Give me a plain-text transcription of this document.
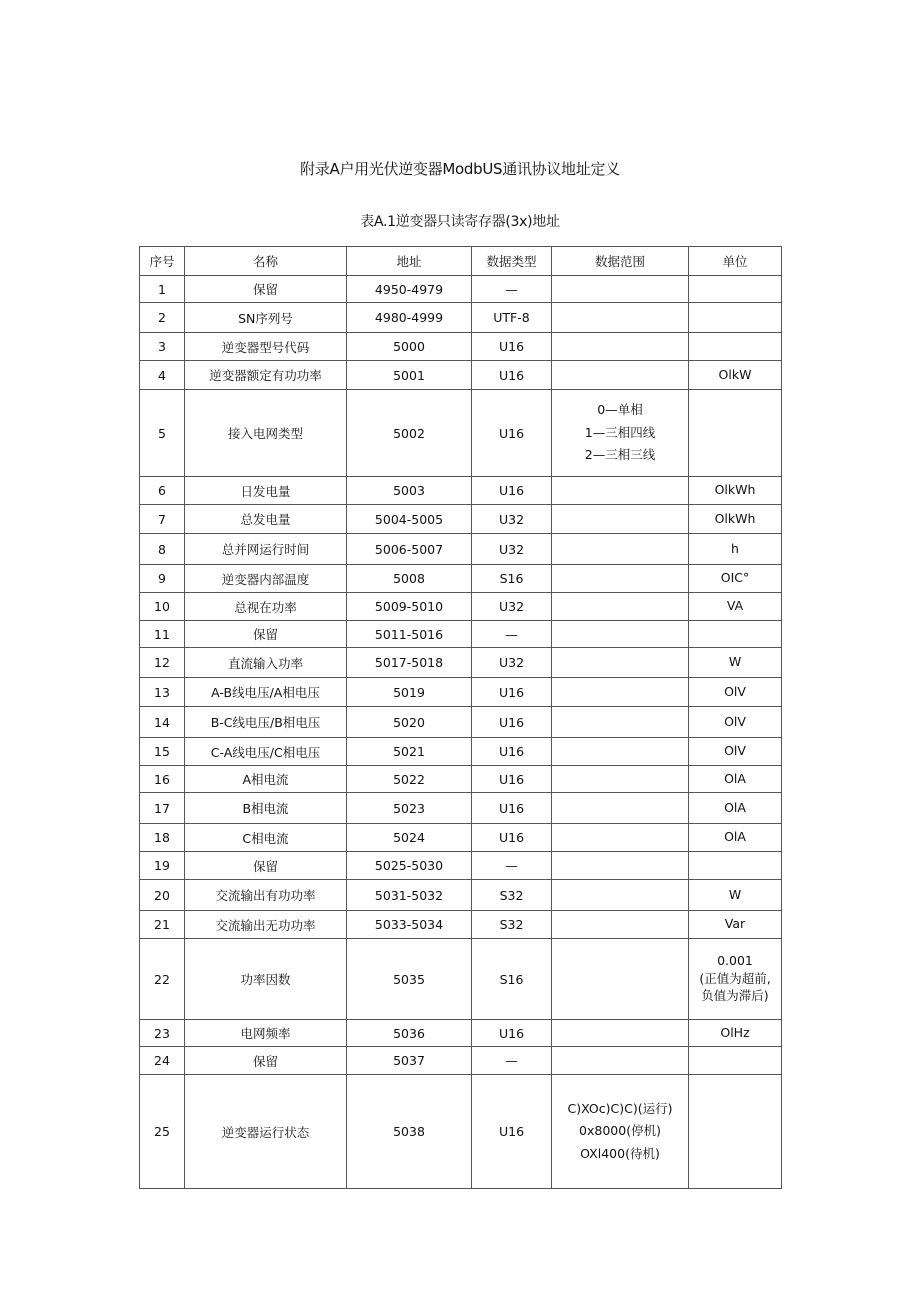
附录A户用光伏逆变器ModbUS通讯协议地址定义
表A.1逆变器只读寄存器(3x)地址
序号	名称	地址	数据类型	数据范围	单位
1	保留	4950-4979	—		
2	SN序列号	4980-4999	UTF-8		
3	逆变器型号代码	5000	U16		
4	逆变器额定有功功率	5001	U16		OlkW

5	接入电网类型	5002	U16	0—单相
1—三相四线
2—三相三线	

6	日发电量	5003	U16		OlkWh

7	总发电量	5004-5005	U32		OlkWh

8	总并网运行时间	5006-5007	U32		h

9	逆变器内部温度	5008	S16		OIC°

10	总视在功率	5009-5010	U32		VA

11	保留	5011-5016	—		
12	直流输入功率	5017-5018	U32		W

13	A-B线电压/A相电压	5019	U16		OlV

14	B-C线电压/B相电压	5020	U16		OlV

15	C-A线电压/C相电压	5021	U16		OlV

16	A相电流	5022	U16		OlA

17	B相电流	5023	U16		OlA

18	C相电流	5024	U16		OlA

19	保留	5025-5030	—		
20	交流输出有功功率	5031-5032	S32		W

21	交流输出无功功率	5033-5034	S32		Var

22	功率因数	5035	S16		0.001
(正值为超前,
负值为滞后)

23	电网频率	5036	U16		OlHz

24	保留	5037	—		
25	逆变器运行状态	5038	U16	C)XOc)C)C)(运行)
0x8000(停机)
OXl400(待机)	
